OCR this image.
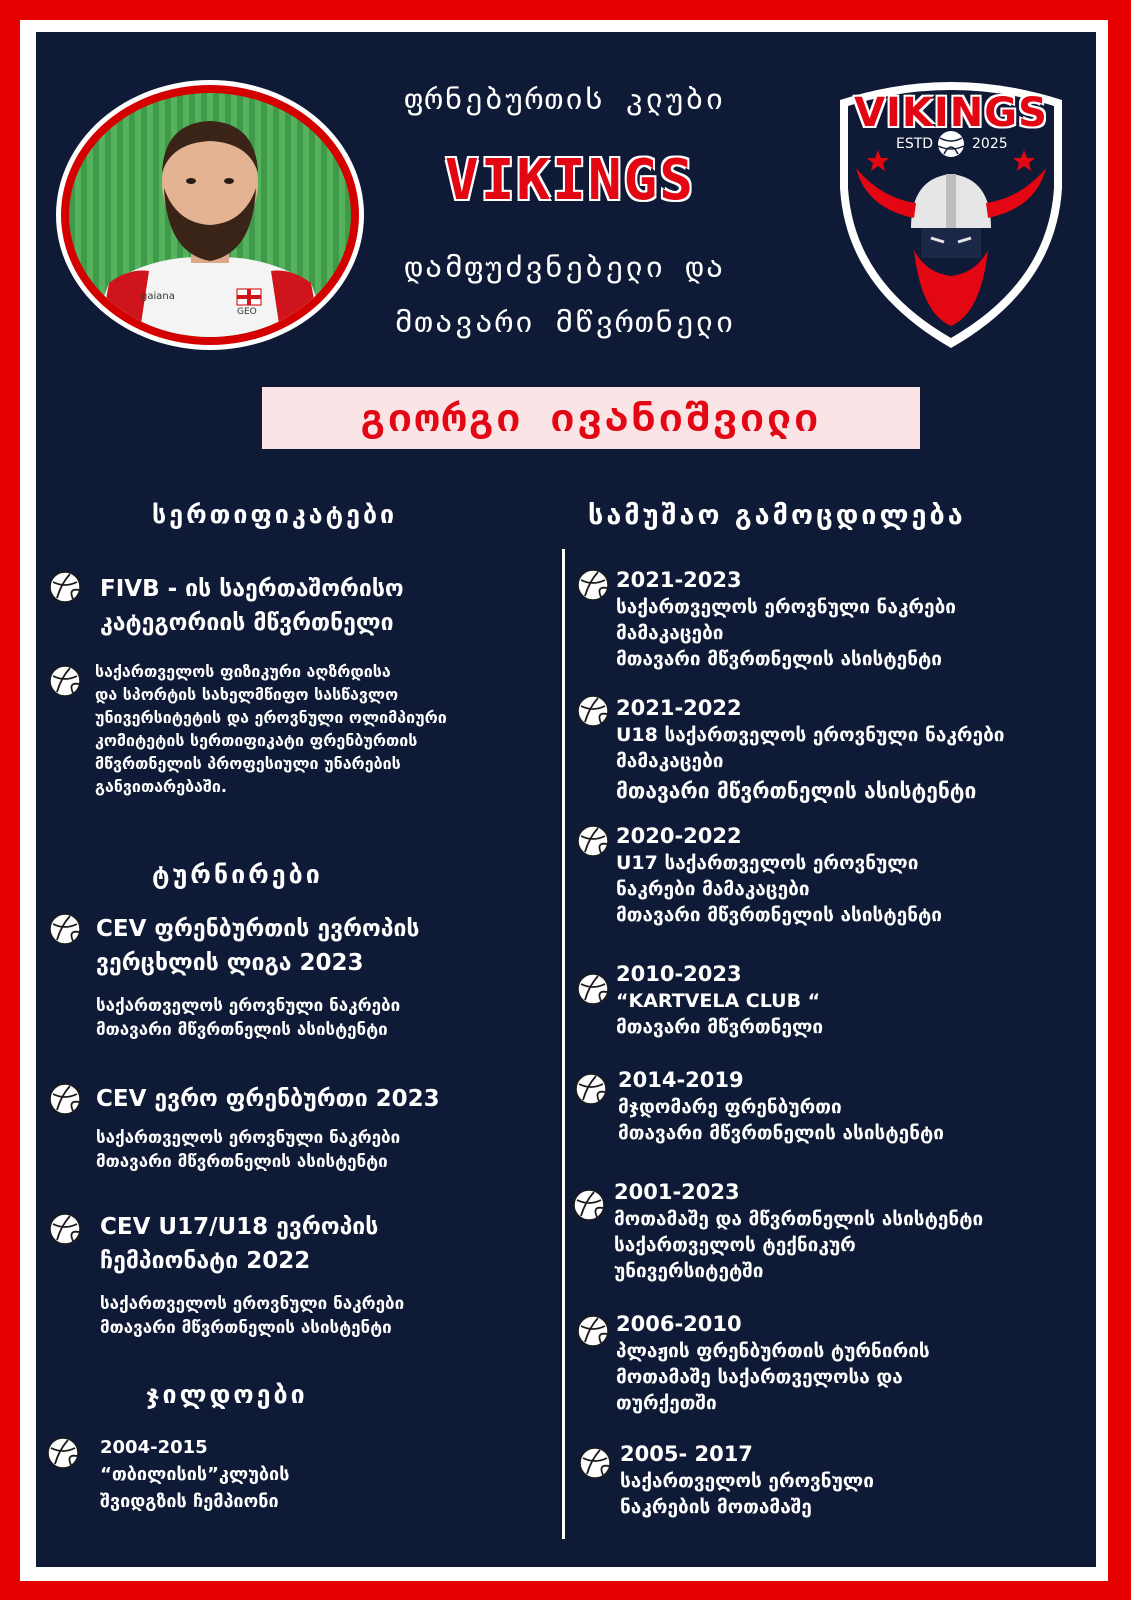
gaiana
GEO
ფრნებურთის კლუბი
VIKINGS
დამფუძვნებელი და
მთავარი მწვრთნელი
გიორგი ივანიშვილი
VIKINGS
ESTD	2025
სერთიფიკატები	სამუშაო გამოცდილება
ტურნირები
ჯილდოები
FIVB - ის საერთაშორისო
კატეგორიის მწვრთნელი
საქართველოს ფიზიკური აღზრდისა
და სპორტის სახელმწიფო სასწავლო
უნივერსიტეტის და ეროვნული ოლიმპიური
კომიტეტის სერთიფიკატი ფრენბურთის
მწვრთნელის პროფესიული უნარების
განვითარებაში.
CEV ფრენბურთის ევროპის
ვერცხლის ლიგა 2023
საქართველოს ეროვნული ნაკრები
მთავარი მწვრთნელის ასისტენტი
CEV ევრო ფრენბურთი 2023
საქართველოს ეროვნული ნაკრები
მთავარი მწვრთნელის ასისტენტი
CEV U17/U18 ევროპის
ჩემპიონატი 2022
საქართველოს ეროვნული ნაკრები
მთავარი მწვრთნელის ასისტენტი
2004-2015
“თბილისის”კლუბის
შვიდგზის ჩემპიონი
2021-2023
საქართველოს ეროვნული ნაკრები
მამაკაცები
მთავარი მწვრთნელის ასისტენტი
2021-2022
U18 საქართველოს ეროვნული ნაკრები
მამაკაცები
მთავარი მწვრთნელის ასისტენტი
2020-2022
U17 საქართველოს ეროვნული
ნაკრები მამაკაცები
მთავარი მწვრთნელის ასისტენტი
2010-2023
“KARTVELA CLUB “
მთავარი მწვრთნელი
2014-2019
მჯდომარე ფრენბურთი
მთავარი მწვრთნელის ასისტენტი
2001-2023
მოთამაშე და მწვრთნელის ასისტენტი
საქართველოს ტექნიკურ
უნივერსიტეტში
2006-2010
პლაჟის ფრენბურთის ტურნირის
მოთამაშე საქართველოსა და
თურქეთში
2005- 2017
საქართველოს ეროვნული
ნაკრების მოთამაშე
